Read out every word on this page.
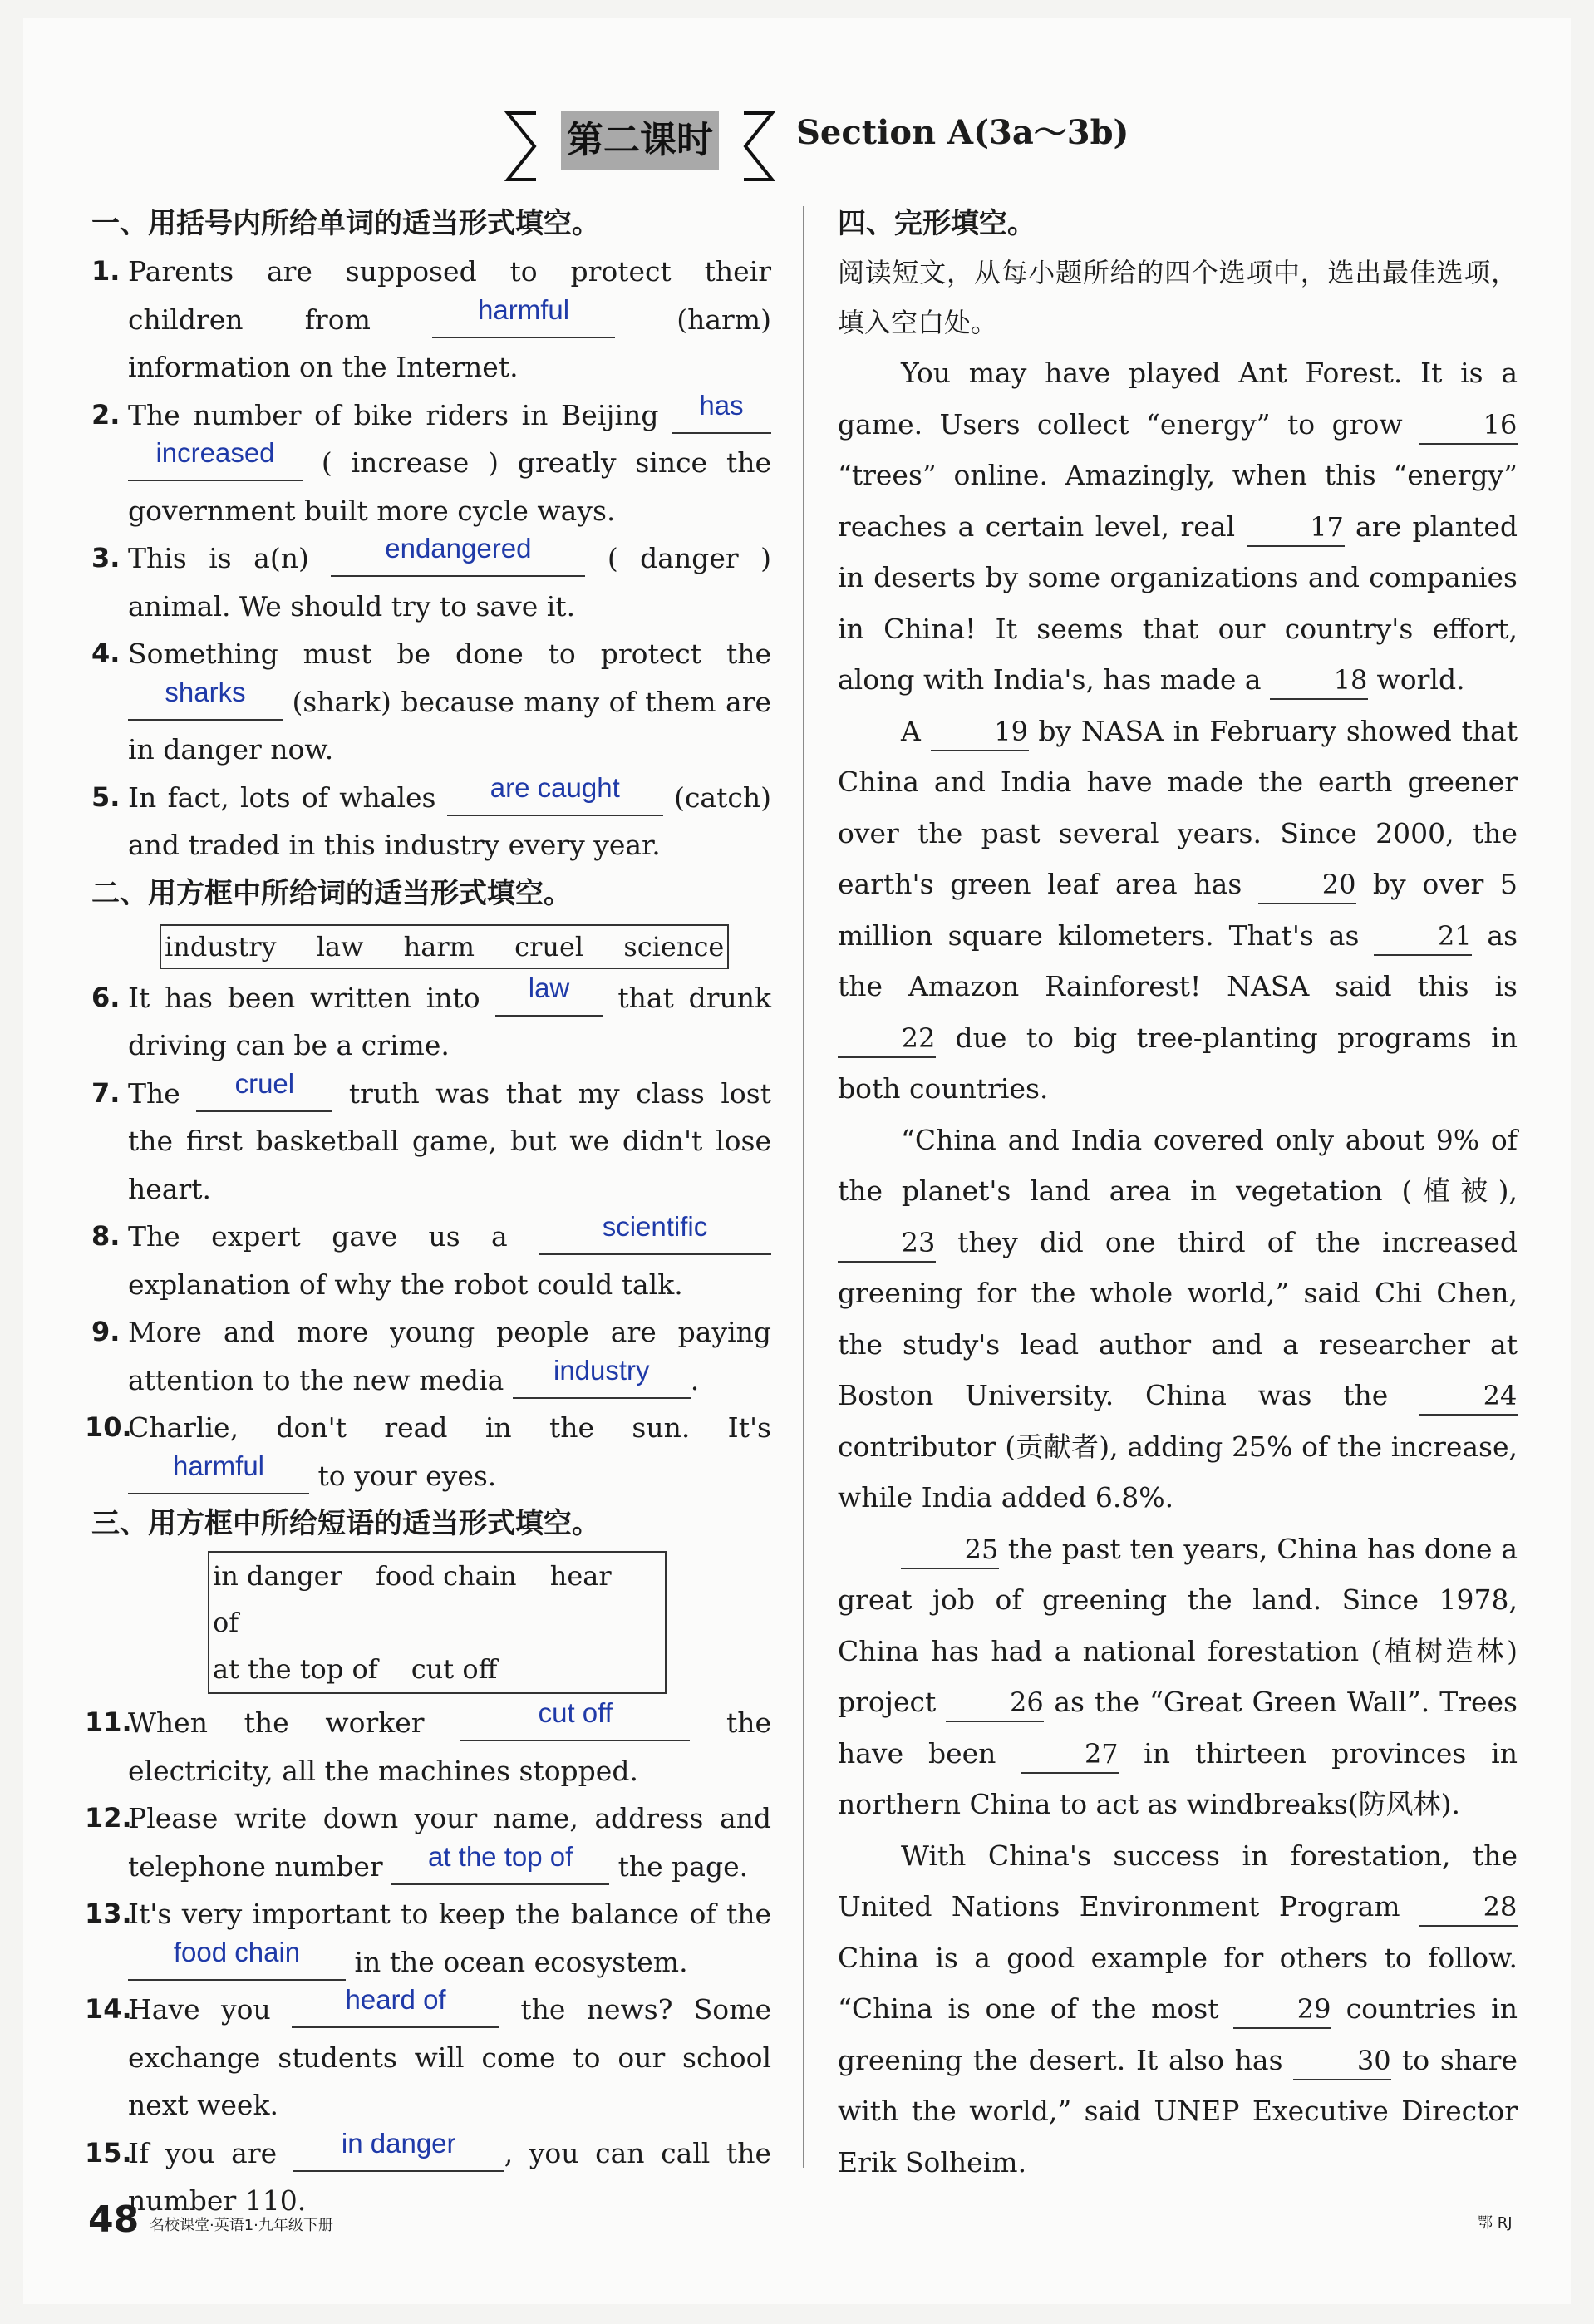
第二课时	Section A(3a～3b)

一、用括号内所给单词的适当形式填空。

1. Parents are supposed to protect their children from	harmful	(harm) information on the Internet.
2. The number of bike riders in Beijing has increased ( increase ) greatly since the government built more cycle ways.
3. This is a(n)	endangered	( danger ) animal. We should try to save it.
4. Something must be done to protect the sharks (shark) because many of them are in danger now.
5. In fact, lots of whales are caught (catch) and traded in this industry every year.

二、用方框中所给词的适当形式填空。

industry law harm cruel science
6. It has been written into law that drunk driving can be a crime.
7. The cruel truth was that my class lost the first basketball game, but we didn't lose heart.
8. The expert gave us a	scientific explanation of why the robot could talk.
9. More and more young people are paying attention to the new media industry .
10.
Charlie, don't read in the sun. It's harmful to your eyes.

三、用方框中所给短语的适当形式填空。

in danger food chain hear of
at the top of cut off
11.
When the worker	cut off	the electricity, all the machines stopped.
12.
Please write down your name, address and telephone number at the top of the page.
13.
It's very important to keep the balance of the food chain in the ocean ecosystem.
14.
Have you	heard of	the news? Some exchange students will come to our school next week.
15.
If you are in danger , you can call the number 110.

四、完形填空。

阅读短文，从每小题所给的四个选项中，选出最佳选项，填入空白处。

You may have played Ant Forest. It is a game. Users collect “energy” to grow	16 “trees” online. Amazingly, when this “energy” reaches a certain level, real	17 are planted in deserts by some organizations and companies in China! It seems that our country's effort, along with India's, has made a	18 world.

A	19 by NASA in February showed that China and India have made the earth greener over the past several years. Since 2000, the earth's green leaf area has	20 by over 5 million square kilometers. That's as	21 as the Amazon Rainforest! NASA said this is 22 due to big tree-planting programs in both countries.

“China and India covered only about 9% of the planet's land area in vegetation (植被), 23 they did one third of the increased greening for the whole world,” said Chi Chen, the study's lead author and a researcher at Boston University. China was the	24 contributor (贡献者), adding 25% of the increase, while India added 6.8%.

25 the past ten years, China has done a great job of greening the land. Since 1978, China has had a national forestation (植树造林) project	26 as the “Great Green Wall”. Trees have been	27 in thirteen provinces in northern China to act as windbreaks(防风林).

With China's success in forestation, the United Nations Environment Program	28 China is a good example for others to follow. “China is one of the most	29 countries in greening the desert. It also has	30 to share with the world,” said UNEP Executive Director Erik Solheim.

48 名校课堂·英语1·九年级下册	鄂 RJ
